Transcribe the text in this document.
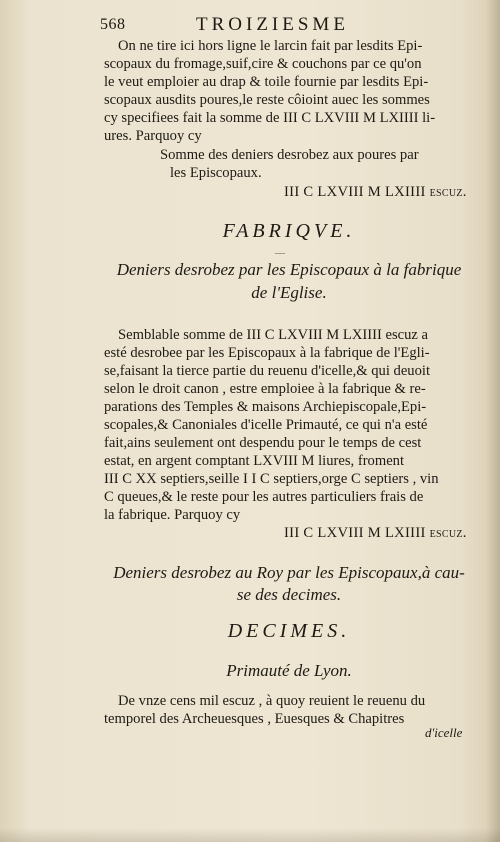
568	TROIZIESME
On ne tire ici hors ligne le larcin fait par lesdits Epi-
scopaux du fromage,suif,cire & couchons par ce qu'on
le veut emploier au drap & toile fournie par lesdits Epi-
scopaux ausdits poures,le reste côioint auec les sommes
cy specifiees fait la somme de III C LXVIII M LXIIII li-
ures. Parquoy cy
Somme des deniers desrobez aux poures par
les Episcopaux.
III C LXVIII M LXIIII escuz.
FABRIQVE.
—
Deniers desrobez par les Episcopaux à la fabrique
de l'Eglise.
Semblable somme de III C LXVIII M LXIIII escuz a
esté desrobee par les Episcopaux à la fabrique de l'Egli-
se,faisant la tierce partie du reuenu d'icelle,& qui deuoit
selon le droit canon , estre emploiee à la fabrique & re-
parations des Temples & maisons Archiepiscopale,Epi-
scopales,& Canoniales d'icelle Primauté, ce qui n'a esté
fait,ains seulement ont despendu pour le temps de cest
estat, en argent comptant LXVIII M liures, froment
III C XX septiers,seille I I C septiers,orge C septiers , vin
C queues,& le reste pour les autres particuliers frais de
la fabrique. Parquoy cy
III C LXVIII M LXIIII escuz.
Deniers desrobez au Roy par les Episcopaux,à cau-
se des decimes.
DECIMES.
Primauté de Lyon.
De vnze cens mil escuz , à quoy reuient le reuenu du
temporel des Archeuesques , Euesques & Chapitres
d'icelle
